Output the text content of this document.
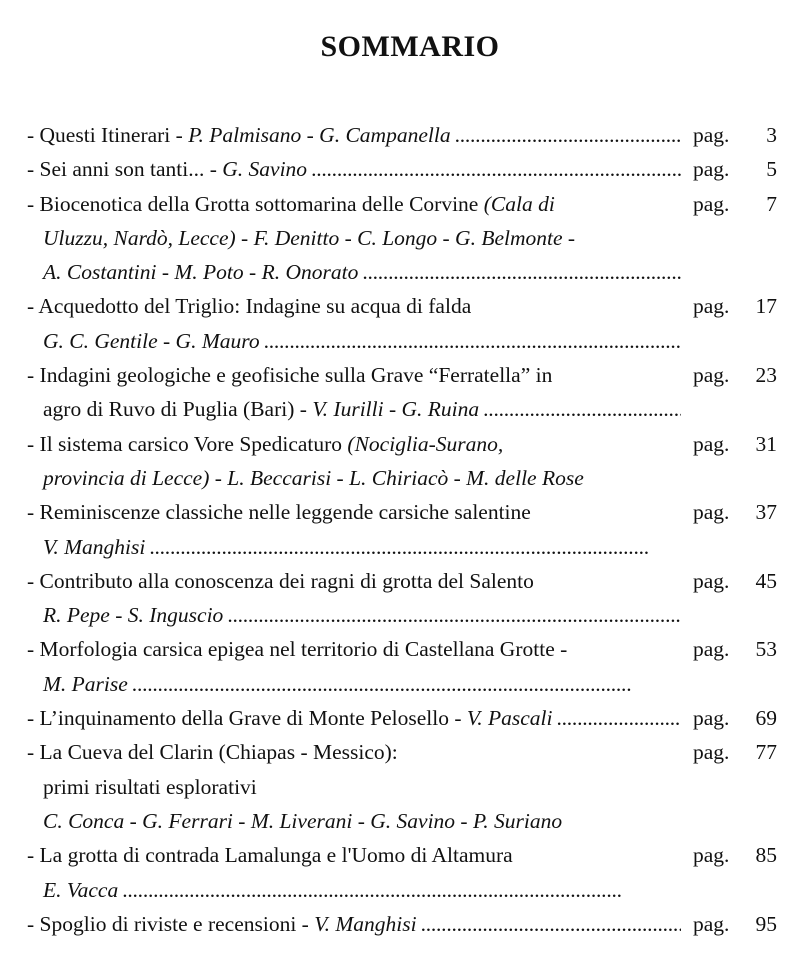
SOMMARIO
- Questi Itinerari - P. Palmisano - G. Campanella . . .	pag. 3
- Sei anni son tanti... - G. Savino . . .	pag. 5
- Biocenotica della Grotta sottomarina delle Corvine (Cala di
Uluzzu, Nardò, Lecce) - F. Denitto - C. Longo - G. Belmonte -
A. Costantini - M. Poto - R. Onorato
. . .
pag. 7
- Acquedotto del Triglio: Indagine su acqua di falda
G. C. Gentile - G. Mauro
. . .
pag. 17
- Indagini geologiche e geofisiche sulla Grave “Ferratella” in
agro di Ruvo di Puglia (Bari) - V. Iurilli - G. Ruina
. . .
pag. 23
- Il sistema carsico Vore Spedicaturo (Nociglia-Surano,
provincia di Lecce) - L. Beccarisi - L. Chiriacò - M. delle Rose
pag. 31
- Reminiscenze classiche nelle leggende carsiche salentine
V. Manghisi
. . .
pag. 37
- Contributo alla conoscenza dei ragni di grotta del Salento
R. Pepe - S. Inguscio
. . .
pag. 45
- Morfologia carsica epigea nel territorio di Castellana Grotte -
M. Parise
. . .
pag. 53
- L’inquinamento della Grave di Monte Pelosello - V. Pascali . . .	pag. 69
- La Cueva del Clarin (Chiapas - Messico):
primi risultati esplorativi
C. Conca - G. Ferrari - M. Liverani - G. Savino - P. Suriano
pag. 77
- La grotta di contrada Lamalunga e l'Uomo di Altamura
E. Vacca
. . .
pag. 85
- Spoglio di riviste e recensioni - V. Manghisi . . .	pag. 95
